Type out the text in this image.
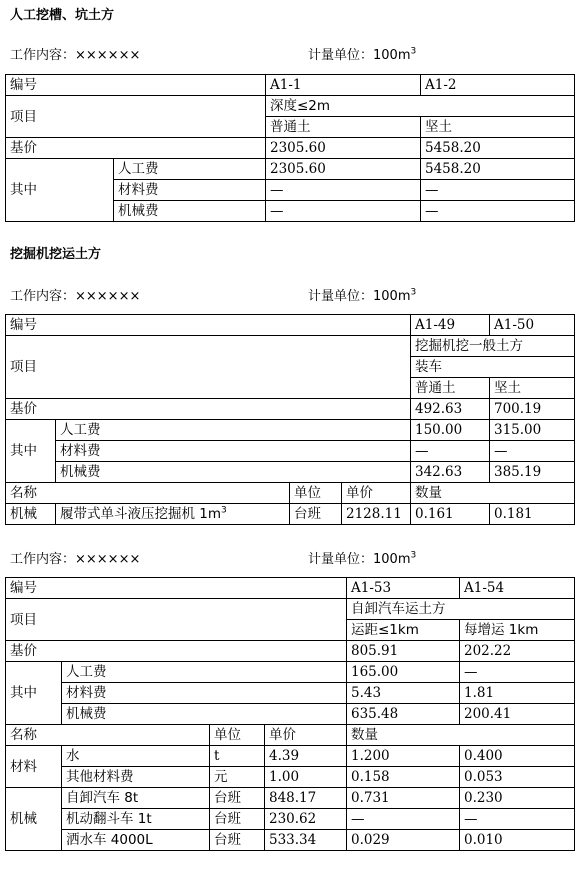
人工挖槽、坑土方
工作内容：××××××	计量单位：$100m^3$
编号		A1-1	A1-2
项目		深度≤2m	
		普通土	坚土
基价		2305.60	5458.20
其中	人工费	2305.60	5458.20
	材料费	—	—
	机械费	—	—
挖掘机挖运土方
工作内容：××××××	计量单位：$100m^3$
编号				A1-49	A1-50
项目				挖掘机挖一般土方	
				装车	
				普通土	坚土
基价				492.63	700.19
其中	人工费			150.00	315.00
	材料费			—	—
	机械费			342.63	385.19
名称		单位	单价	数量	
机械	履带式单斗液压挖掘机 $1m^3$	台班	2128.11	0.161	0.181
工作内容：××××××	计量单位：$100m^3$
编号				A1-53	A1-54
项目				自卸汽车运土方	
				运距≤1km	每增运 1km
基价				805.91	202.22
其中	人工费			165.00	—
	材料费			5.43	1.81
	机械费			635.48	200.41
名称		单位	单价	数量	
材料	水	t	4.39	1.200	0.400
	其他材料费	元	1.00	0.158	0.053
机械	自卸汽车 8t	台班	848.17	0.731	0.230
	机动翻斗车 1t	台班	230.62	—	—
	洒水车 4000L	台班	533.34	0.029	0.010
